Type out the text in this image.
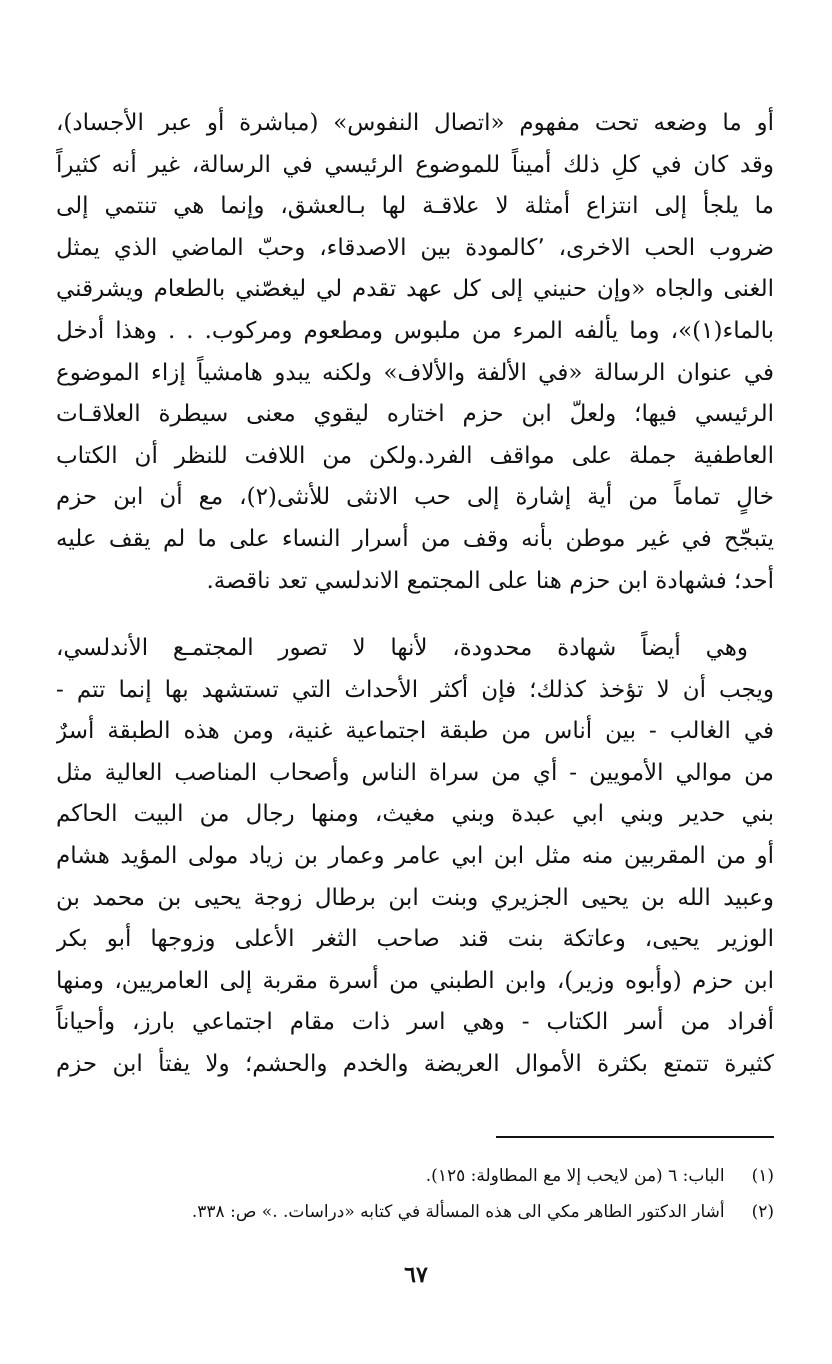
أو ما وضعه تحت مفهوم «اتصال النفوس» (مباشرة أو عبر الأجساد)،
وقد كان في كلِ ذلك أميناً للموضوع الرئيسي في الرسالة، غير أنه كثيراً
ما يلجأ إلى انتزاع أمثلة لا علاقـة لها بـالعشق، وإنما هي تنتمي إلى
ضروب الحب الاخرى، ٬كالمودة بين الاصدقاء، وحبّ الماضي الذي يمثل
الغنى والجاه «وإن حنيني إلى كل عهد تقدم لي ليغصّني بالطعام ويشرقني
بالماء(١)»، وما يألفه المرء من ملبوس ومطعوم ومركوب. . . وهذا أدخل
في عنوان الرسالة «في الألفة والألاف» ولكنه يبدو هامشياً إزاء الموضوع
الرئيسي فيها؛ ولعلّ ابن حزم اختاره ليقوي معنى سيطرة العلاقـات
العاطفية جملة على مواقف الفرد.ولكن من اللافت للنظر أن الكتاب
خالٍ تماماً من أية إشارة إلى حب الانثى للأنثى(٢)، مع أن ابن حزم
يتبجّح في غير موطن بأنه وقف من أسرار النساء على ما لم يقف عليه
أحد؛ فشهادة ابن حزم هنا على المجتمع الاندلسي تعد ناقصة.
وهي أيضاً شهادة محدودة، لأنها لا تصور المجتمـع الأندلسي،
ويجب أن لا تؤخذ كذلك؛ فإن أكثر الأحداث التي تستشهد بها إنما تتم -
في الغالب - بين أناس من طبقة اجتماعية غنية، ومن هذه الطبقة أسرٌ
من موالي الأمويين - أي من سراة الناس وأصحاب المناصب العالية مثل
بني حدير وبني ابي عبدة وبني مغيث، ومنها رجال من البيت الحاكم
أو من المقربين منه مثل ابن ابي عامر وعمار بن زياد مولى المؤيد هشام
وعبيد الله بن يحيى الجزيري وبنت ابن برطال زوجة يحيى بن محمد بن
الوزير يحيى، وعاتكة بنت قند صاحب الثغر الأعلى وزوجها أبو بكر
ابن حزم (وأبوه وزير)، وابن الطبني من أسرة مقربة إلى العامريين، ومنها
أفراد من أسر الكتاب - وهي اسر ذات مقام اجتماعي بارز، وأحياناً
كثيرة تتمتع بكثرة الأموال العريضة والخدم والحشم؛ ولا يفتأ ابن حزم
(١) الباب: ٦ (من لايحب إلا مع المطاولة: ١٢٥).
(٢) أشار الدكتور الطاهر مكي الى هذه المسألة في كتابه «دراسات. .» ص: ٣٣٨.
٦٧
